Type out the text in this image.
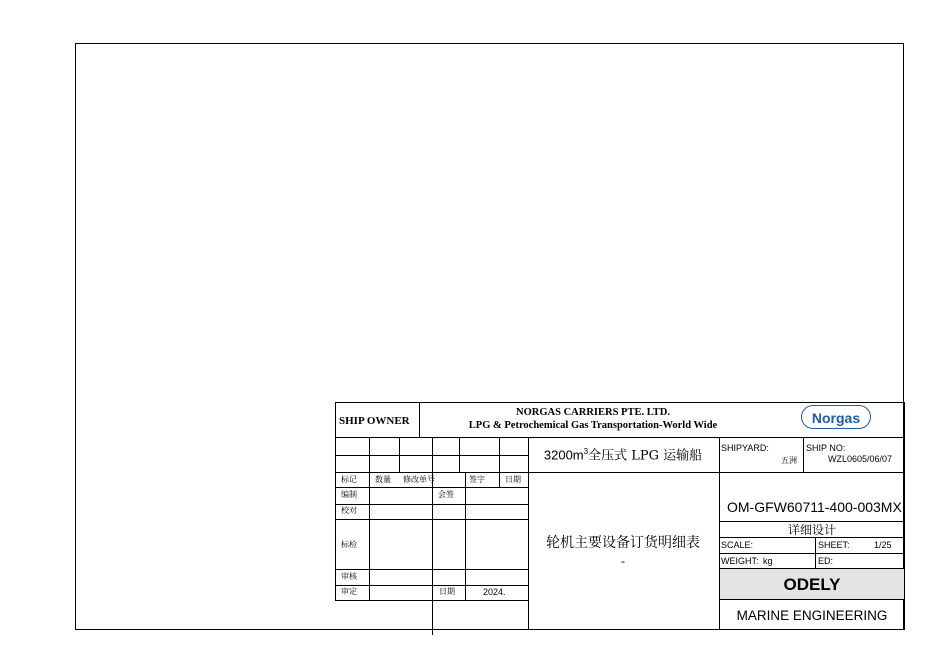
SHIP OWNER
NORGAS CARRIERS PTE. LTD.
LPG & Petrochemical Gas Transportation-World Wide	Norgas
标记 数量 修改单号	签字	日期
编制	会签
校对
标检
审核
审定	日期	2024.
$3200m^3$全压式 LPG 运输船
轮机主要设备订货明细表
-
SHIPYARD:
五洲
SHIP NO:
WZL0605/06/07
OM-GFW60711-400-003MX
详细设计
SCALE:	SHEET:	1/25
WEIGHT: kg	ED:
ODELY
MARINE ENGINEERING
